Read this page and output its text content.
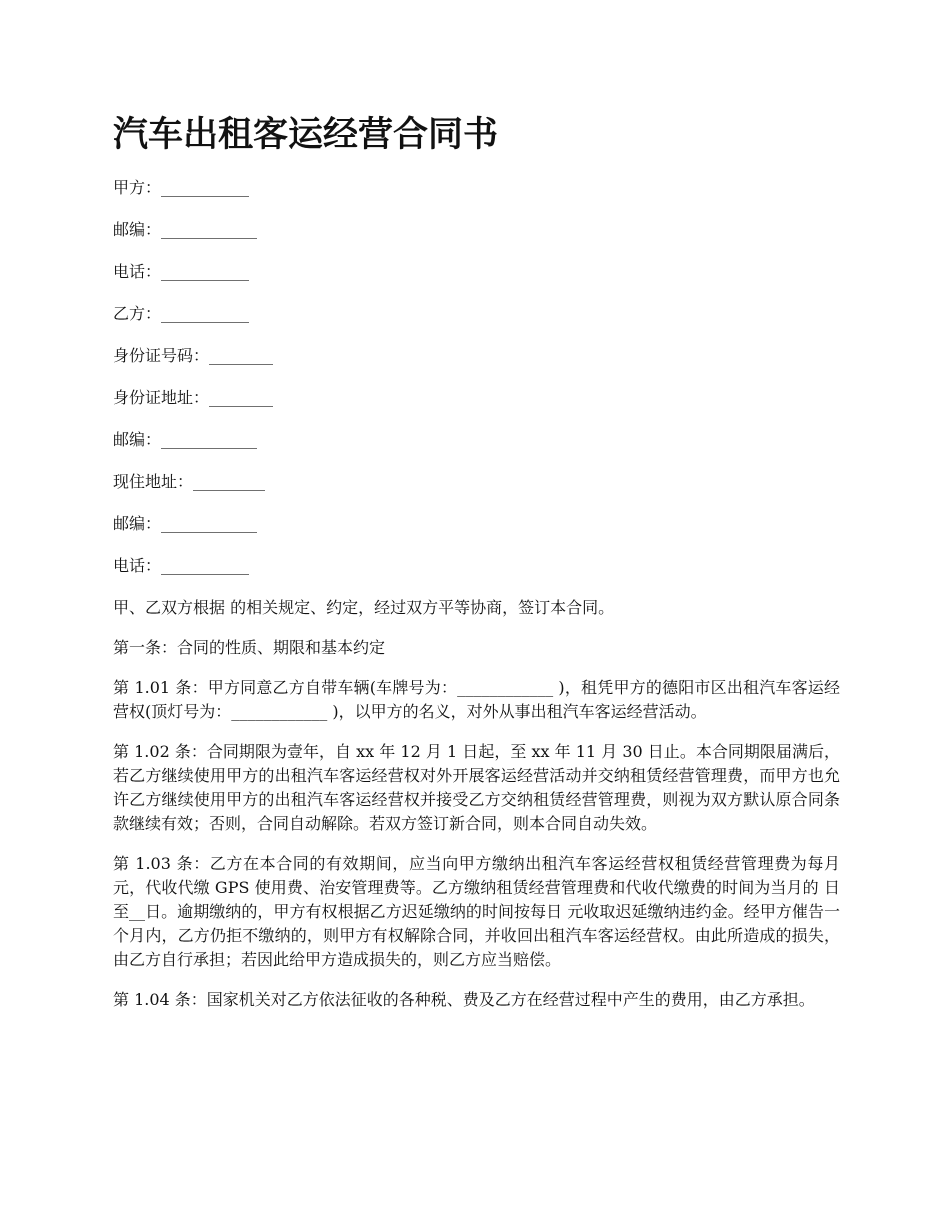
汽车出租客运经营合同书

甲方：___________

邮编：____________

电话：___________

乙方：___________

身份证号码：________

身份证地址：________

邮编：____________

现住地址：_________

邮编：____________

电话：___________

甲、乙双方根据 的相关规定、约定，经过双方平等协商，签订本合同。

第一条：合同的性质、期限和基本约定

第 1.01 条：甲方同意乙方自带车辆(车牌号为：____________ )，租凭甲方的德阳市区出租汽车客运经营权(顶灯号为：____________ )，以甲方的名义，对外从事出租汽车客运经营活动。

第 1.02 条：合同期限为壹年，自 xx 年 12 月 1 日起，至 xx 年 11 月 30 日止。本合同期限届满后，若乙方继续使用甲方的出租汽车客运经营权对外开展客运经营活动并交纳租赁经营管理费，而甲方也允许乙方继续使用甲方的出租汽车客运经营权并接受乙方交纳租赁经营管理费，则视为双方默认原合同条款继续有效；否则，合同自动解除。若双方签订新合同，则本合同自动失效。

第 1.03 条：乙方在本合同的有效期间，应当向甲方缴纳出租汽车客运经营权租赁经营管理费为每月 元，代收代缴 GPS 使用费、治安管理费等。乙方缴纳租赁经营管理费和代收代缴费的时间为当月的 日至__日。逾期缴纳的，甲方有权根据乙方迟延缴纳的时间按每日 元收取迟延缴纳违约金。经甲方催告一个月内，乙方仍拒不缴纳的，则甲方有权解除合同，并收回出租汽车客运经营权。由此所造成的损失，由乙方自行承担；若因此给甲方造成损失的，则乙方应当赔偿。

第 1.04 条：国家机关对乙方依法征收的各种税、费及乙方在经营过程中产生的费用，由乙方承担。
